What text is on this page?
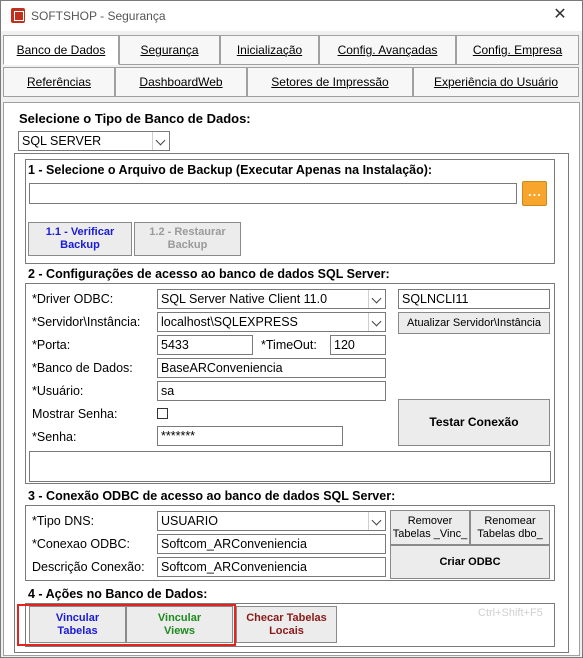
SOFTSHOP - Segurança	✕
Banco de Dados	Segurança	Inicialização	Config. Avançadas	Config. Empresa
Referências	DashboardWeb	Setores de Impressão	Experiência do Usuário
Selecione o Tipo de Banco de Dados:
SQL SERVER
1 - Selecione o Arquivo de Backup (Executar Apenas na Instalação):
...
1.1 - Verificar
Backup
1.2 - Restaurar
Backup
2 - Configurações de acesso ao banco de dados SQL Server:
*Driver ODBC:	SQL Server Native Client 11.0	SQLNCLI11
*Servidor\Instância:	localhost\SQLEXPRESS	Atualizar Servidor\Instância
*Porta:	5433	*TimeOut:	120
*Banco de Dados:	BaseARConveniencia
*Usuário:	sa
Mostrar Senha:
*Senha:	*******
Testar Conexão
3 - Conexão ODBC de acesso ao banco de dados SQL Server:
*Tipo DNS:	USUARIO
*Conexao ODBC:	Softcom_ARConveniencia
Descrição Conexão:	Softcom_ARConveniencia
Remover
Tabelas _Vinc_
Renomear
Tabelas dbo_
Criar ODBC
4 - Ações no Banco de Dados:
Vincular
Tabelas
Vincular
Views
Checar Tabelas
Locais
Ctrl+Shift+F5
